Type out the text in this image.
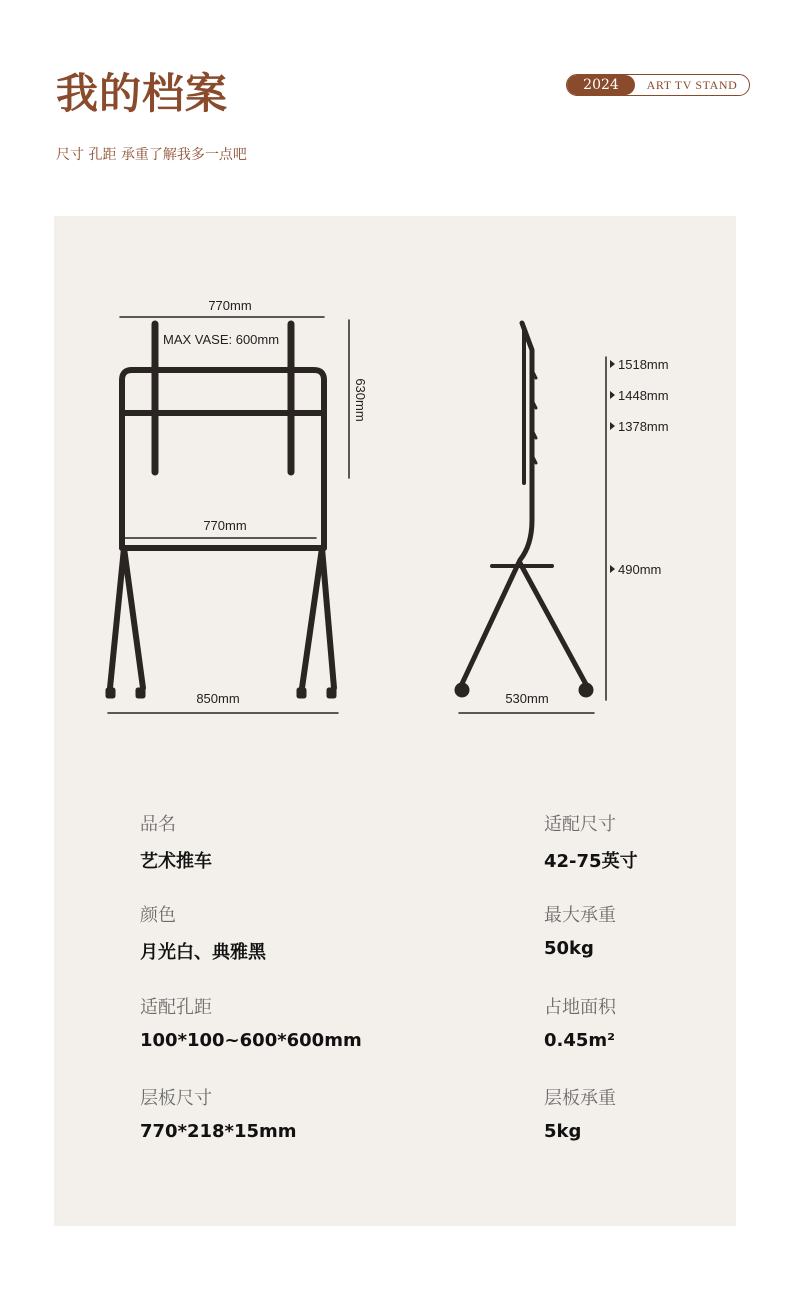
我的档案	2024	ART TV STAND
尺寸 孔距 承重了解我多一点吧
770mm
MAX VASE: 600mm
630mm
770mm
850mm
1518mm
1448mm
1378mm
490mm
530mm
品名
艺术推车
适配尺寸
42-75英寸
颜色
月光白、典雅黑
最大承重
50kg
适配孔距
100*100~600*600mm
占地面积
0.45m²
层板尺寸
770*218*15mm
层板承重
5kg
